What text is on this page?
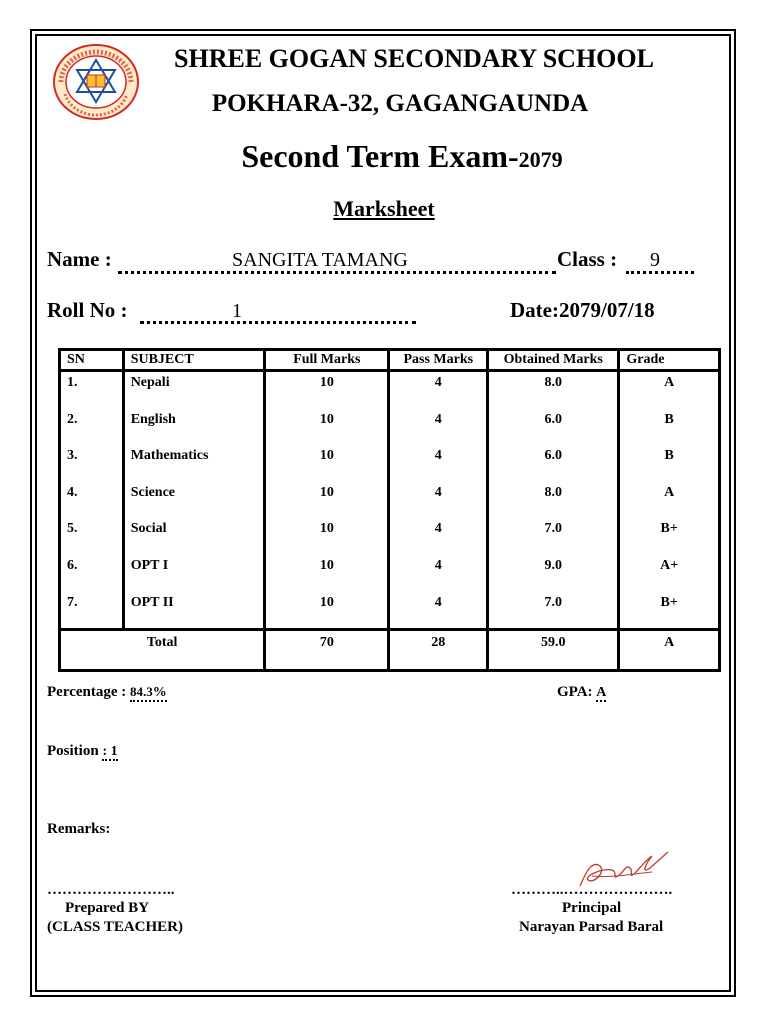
SHREE GOGAN SECONDARY SCHOOL
POKHARA-32, GAGANGAUNDA
Second Term Exam-2079
Marksheet
Name :	SANGITA TAMANG	Class : 9
Roll No :	1	Date:2079/07/18
SN	SUBJECT	Full Marks	Pass Marks	Obtained Marks	Grade
1.	Nepali	10	4	8.0	A
2.	English	10	4	6.0	B
3.	Mathematics	10	4	6.0	B
4.	Science	10	4	8.0	A
5.	Social	10	4	7.0	B+
6.	OPT I	10	4	9.0	A+
7.	OPT II	10	4	7.0	B+
Total		70	28	59.0	A
Percentage : 84.3%	GPA: A
Position : 1
Remarks:
……………………..
Prepared BY
(CLASS TEACHER)
………..………………….
Principal
Narayan Parsad Baral
